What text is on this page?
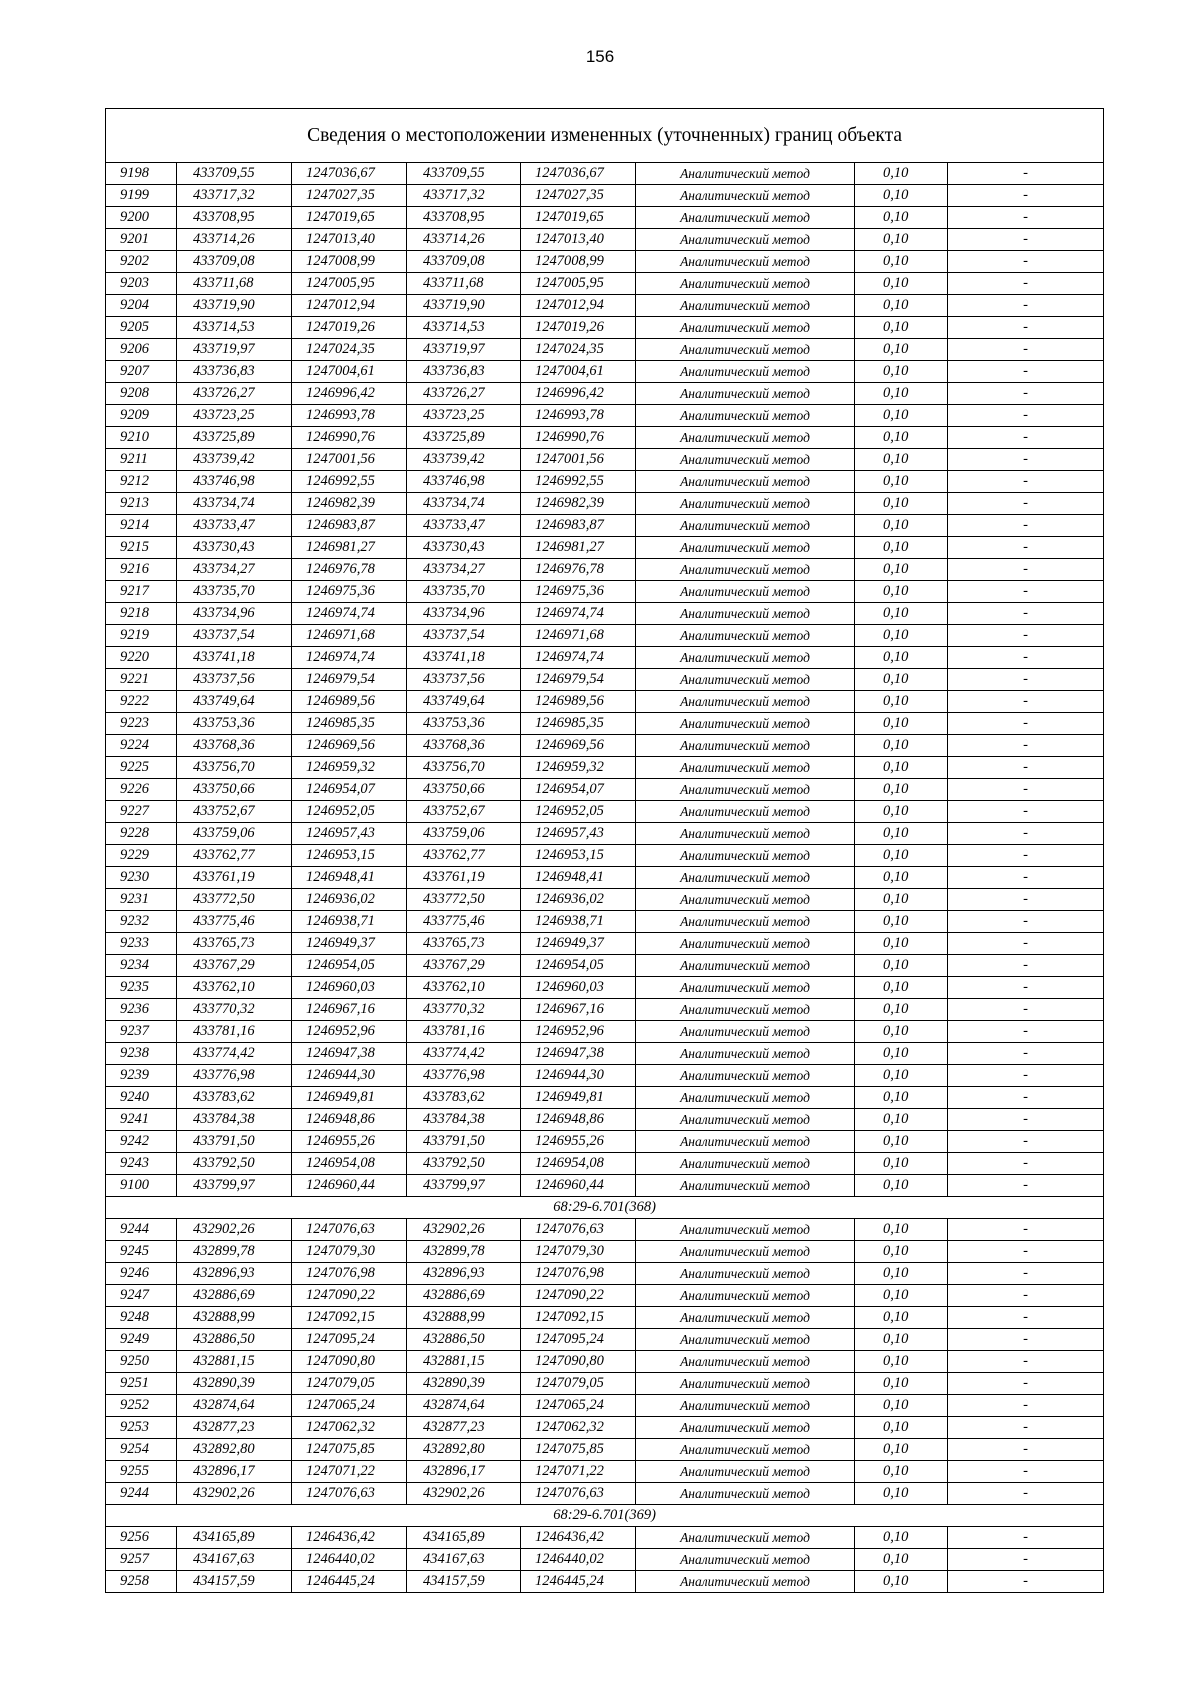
156
Сведения о местоположении измененных (уточненных) границ объекта							
9198	433709,55	1247036,67	433709,55	1247036,67	Аналитический метод	0,10	-
9199	433717,32	1247027,35	433717,32	1247027,35	Аналитический метод	0,10	-
9200	433708,95	1247019,65	433708,95	1247019,65	Аналитический метод	0,10	-
9201	433714,26	1247013,40	433714,26	1247013,40	Аналитический метод	0,10	-
9202	433709,08	1247008,99	433709,08	1247008,99	Аналитический метод	0,10	-
9203	433711,68	1247005,95	433711,68	1247005,95	Аналитический метод	0,10	-
9204	433719,90	1247012,94	433719,90	1247012,94	Аналитический метод	0,10	-
9205	433714,53	1247019,26	433714,53	1247019,26	Аналитический метод	0,10	-
9206	433719,97	1247024,35	433719,97	1247024,35	Аналитический метод	0,10	-
9207	433736,83	1247004,61	433736,83	1247004,61	Аналитический метод	0,10	-
9208	433726,27	1246996,42	433726,27	1246996,42	Аналитический метод	0,10	-
9209	433723,25	1246993,78	433723,25	1246993,78	Аналитический метод	0,10	-
9210	433725,89	1246990,76	433725,89	1246990,76	Аналитический метод	0,10	-
9211	433739,42	1247001,56	433739,42	1247001,56	Аналитический метод	0,10	-
9212	433746,98	1246992,55	433746,98	1246992,55	Аналитический метод	0,10	-
9213	433734,74	1246982,39	433734,74	1246982,39	Аналитический метод	0,10	-
9214	433733,47	1246983,87	433733,47	1246983,87	Аналитический метод	0,10	-
9215	433730,43	1246981,27	433730,43	1246981,27	Аналитический метод	0,10	-
9216	433734,27	1246976,78	433734,27	1246976,78	Аналитический метод	0,10	-
9217	433735,70	1246975,36	433735,70	1246975,36	Аналитический метод	0,10	-
9218	433734,96	1246974,74	433734,96	1246974,74	Аналитический метод	0,10	-
9219	433737,54	1246971,68	433737,54	1246971,68	Аналитический метод	0,10	-
9220	433741,18	1246974,74	433741,18	1246974,74	Аналитический метод	0,10	-
9221	433737,56	1246979,54	433737,56	1246979,54	Аналитический метод	0,10	-
9222	433749,64	1246989,56	433749,64	1246989,56	Аналитический метод	0,10	-
9223	433753,36	1246985,35	433753,36	1246985,35	Аналитический метод	0,10	-
9224	433768,36	1246969,56	433768,36	1246969,56	Аналитический метод	0,10	-
9225	433756,70	1246959,32	433756,70	1246959,32	Аналитический метод	0,10	-
9226	433750,66	1246954,07	433750,66	1246954,07	Аналитический метод	0,10	-
9227	433752,67	1246952,05	433752,67	1246952,05	Аналитический метод	0,10	-
9228	433759,06	1246957,43	433759,06	1246957,43	Аналитический метод	0,10	-
9229	433762,77	1246953,15	433762,77	1246953,15	Аналитический метод	0,10	-
9230	433761,19	1246948,41	433761,19	1246948,41	Аналитический метод	0,10	-
9231	433772,50	1246936,02	433772,50	1246936,02	Аналитический метод	0,10	-
9232	433775,46	1246938,71	433775,46	1246938,71	Аналитический метод	0,10	-
9233	433765,73	1246949,37	433765,73	1246949,37	Аналитический метод	0,10	-
9234	433767,29	1246954,05	433767,29	1246954,05	Аналитический метод	0,10	-
9235	433762,10	1246960,03	433762,10	1246960,03	Аналитический метод	0,10	-
9236	433770,32	1246967,16	433770,32	1246967,16	Аналитический метод	0,10	-
9237	433781,16	1246952,96	433781,16	1246952,96	Аналитический метод	0,10	-
9238	433774,42	1246947,38	433774,42	1246947,38	Аналитический метод	0,10	-
9239	433776,98	1246944,30	433776,98	1246944,30	Аналитический метод	0,10	-
9240	433783,62	1246949,81	433783,62	1246949,81	Аналитический метод	0,10	-
9241	433784,38	1246948,86	433784,38	1246948,86	Аналитический метод	0,10	-
9242	433791,50	1246955,26	433791,50	1246955,26	Аналитический метод	0,10	-
9243	433792,50	1246954,08	433792,50	1246954,08	Аналитический метод	0,10	-
9100	433799,97	1246960,44	433799,97	1246960,44	Аналитический метод	0,10	-
68:29-6.701(368)							
9244	432902,26	1247076,63	432902,26	1247076,63	Аналитический метод	0,10	-
9245	432899,78	1247079,30	432899,78	1247079,30	Аналитический метод	0,10	-
9246	432896,93	1247076,98	432896,93	1247076,98	Аналитический метод	0,10	-
9247	432886,69	1247090,22	432886,69	1247090,22	Аналитический метод	0,10	-
9248	432888,99	1247092,15	432888,99	1247092,15	Аналитический метод	0,10	-
9249	432886,50	1247095,24	432886,50	1247095,24	Аналитический метод	0,10	-
9250	432881,15	1247090,80	432881,15	1247090,80	Аналитический метод	0,10	-
9251	432890,39	1247079,05	432890,39	1247079,05	Аналитический метод	0,10	-
9252	432874,64	1247065,24	432874,64	1247065,24	Аналитический метод	0,10	-
9253	432877,23	1247062,32	432877,23	1247062,32	Аналитический метод	0,10	-
9254	432892,80	1247075,85	432892,80	1247075,85	Аналитический метод	0,10	-
9255	432896,17	1247071,22	432896,17	1247071,22	Аналитический метод	0,10	-
9244	432902,26	1247076,63	432902,26	1247076,63	Аналитический метод	0,10	-
68:29-6.701(369)							
9256	434165,89	1246436,42	434165,89	1246436,42	Аналитический метод	0,10	-
9257	434167,63	1246440,02	434167,63	1246440,02	Аналитический метод	0,10	-
9258	434157,59	1246445,24	434157,59	1246445,24	Аналитический метод	0,10	-
